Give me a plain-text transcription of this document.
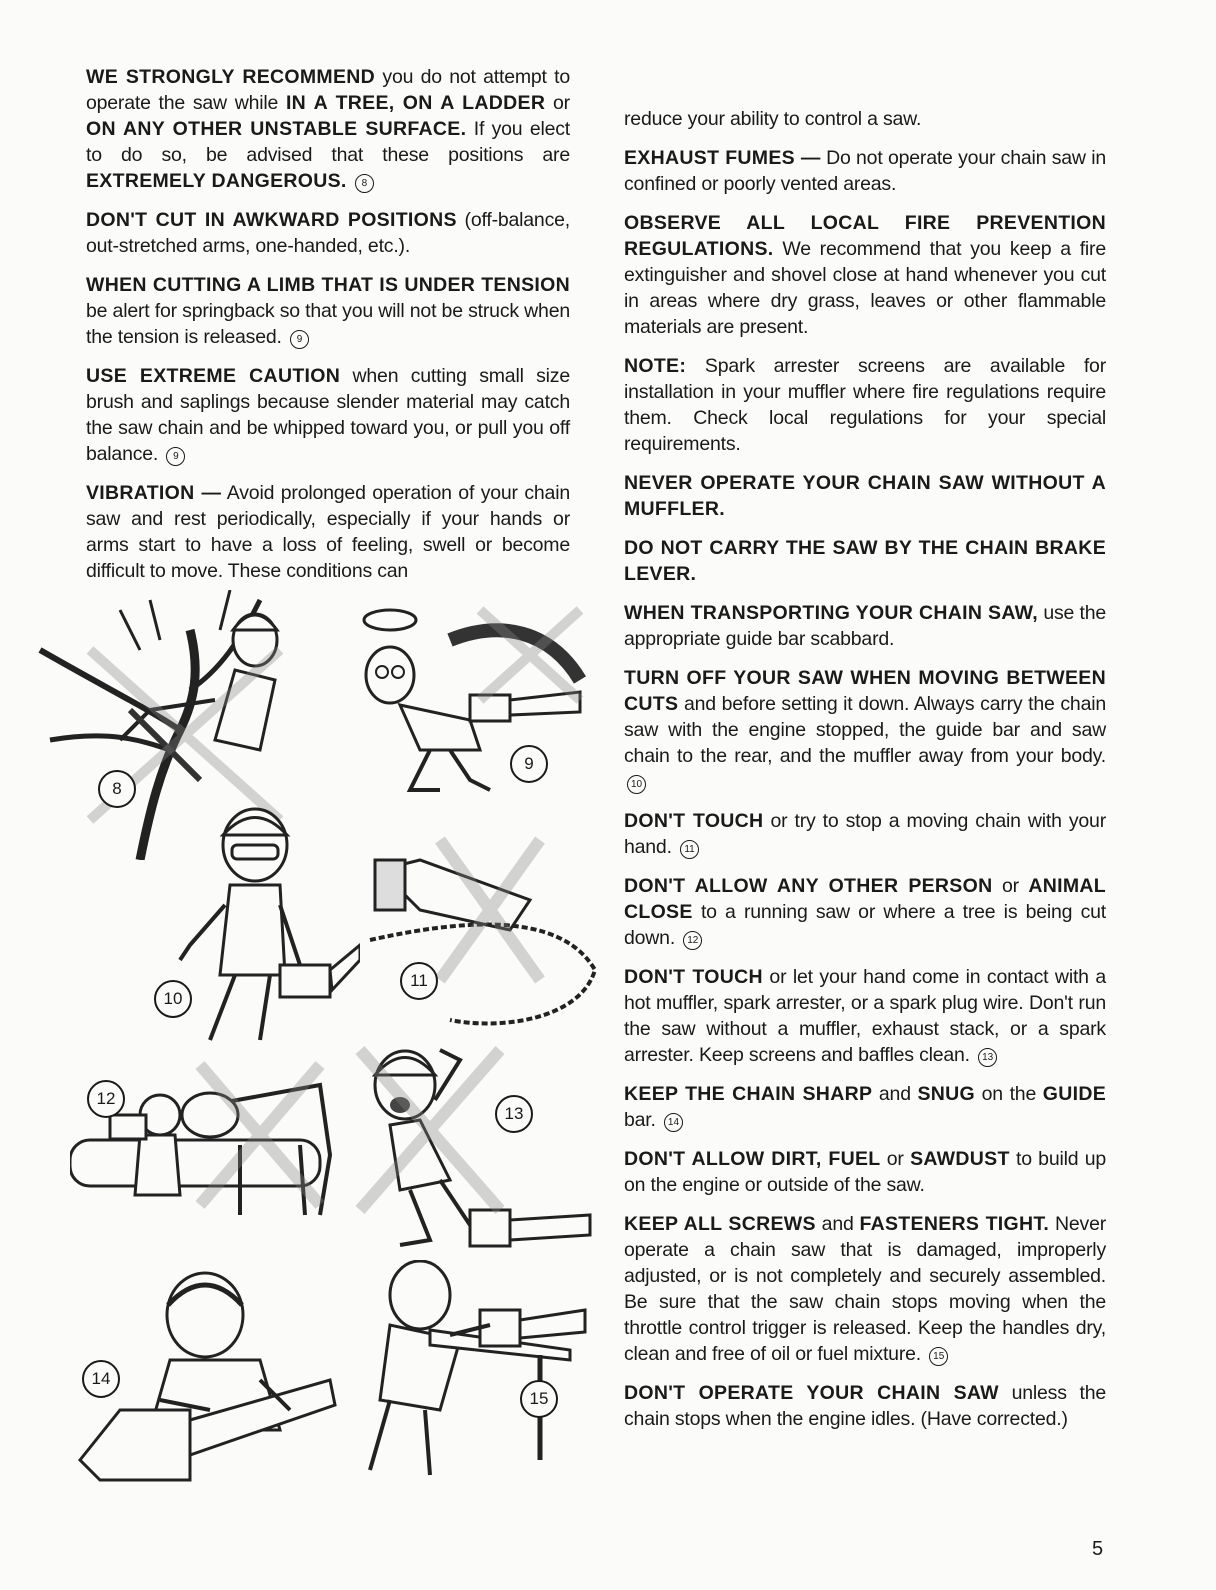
WE STRONGLY RECOMMEND you do not attempt to operate the saw while IN A TREE, ON A LADDER or ON ANY OTHER UNSTABLE SURFACE. If you elect to do so, be advised that these positions are EXTREMELY DANGEROUS. 8

DON'T CUT IN AWKWARD POSITIONS (off-balance, out-stretched arms, one-handed, etc.).

WHEN CUTTING A LIMB THAT IS UNDER TENSION be alert for springback so that you will not be struck when the tension is released. 9

USE EXTREME CAUTION when cutting small size brush and saplings because slender material may catch the saw chain and be whipped toward you, or pull you off balance. 9

VIBRATION — Avoid prolonged operation of your chain saw and rest periodically, especially if your hands or arms start to have a loss of feeling, swell or become difficult to move. These conditions can

reduce your ability to control a saw.

EXHAUST FUMES — Do not operate your chain saw in confined or poorly vented areas.

OBSERVE ALL LOCAL FIRE PREVENTION REGULATIONS. We recommend that you keep a fire extinguisher and shovel close at hand whenever you cut in areas where dry grass, leaves or other flammable materials are present.

NOTE: Spark arrester screens are available for installation in your muffler where fire regulations require them. Check local regulations for your special requirements.

NEVER OPERATE YOUR CHAIN SAW WITHOUT A MUFFLER.

DO NOT CARRY THE SAW BY THE CHAIN BRAKE LEVER.

WHEN TRANSPORTING YOUR CHAIN SAW, use the appropriate guide bar scabbard.

TURN OFF YOUR SAW WHEN MOVING BETWEEN CUTS and before setting it down. Always carry the chain saw with the engine stopped, the guide bar and saw chain to the rear, and the muffler away from your body. 10

DON'T TOUCH or try to stop a moving chain with your hand. 11

DON'T ALLOW ANY OTHER PERSON or ANIMAL CLOSE to a running saw or where a tree is being cut down. 12

DON'T TOUCH or let your hand come in contact with a hot muffler, spark arrester, or a spark plug wire. Don't run the saw without a muffler, exhaust stack, or a spark arrester. Keep screens and baffles clean. 13

KEEP THE CHAIN SHARP and SNUG on the GUIDE bar. 14

DON'T ALLOW DIRT, FUEL or SAWDUST to build up on the engine or outside of the saw.

KEEP ALL SCREWS and FASTENERS TIGHT. Never operate a chain saw that is damaged, improperly adjusted, or is not completely and securely assembled. Be sure that the saw chain stops moving when the throttle control trigger is released. Keep the handles dry, clean and free of oil or fuel mixture. 15

DON'T OPERATE YOUR CHAIN SAW unless the chain stops when the engine idles. (Have corrected.)

8
9
10
11
12
13
14
15
5
